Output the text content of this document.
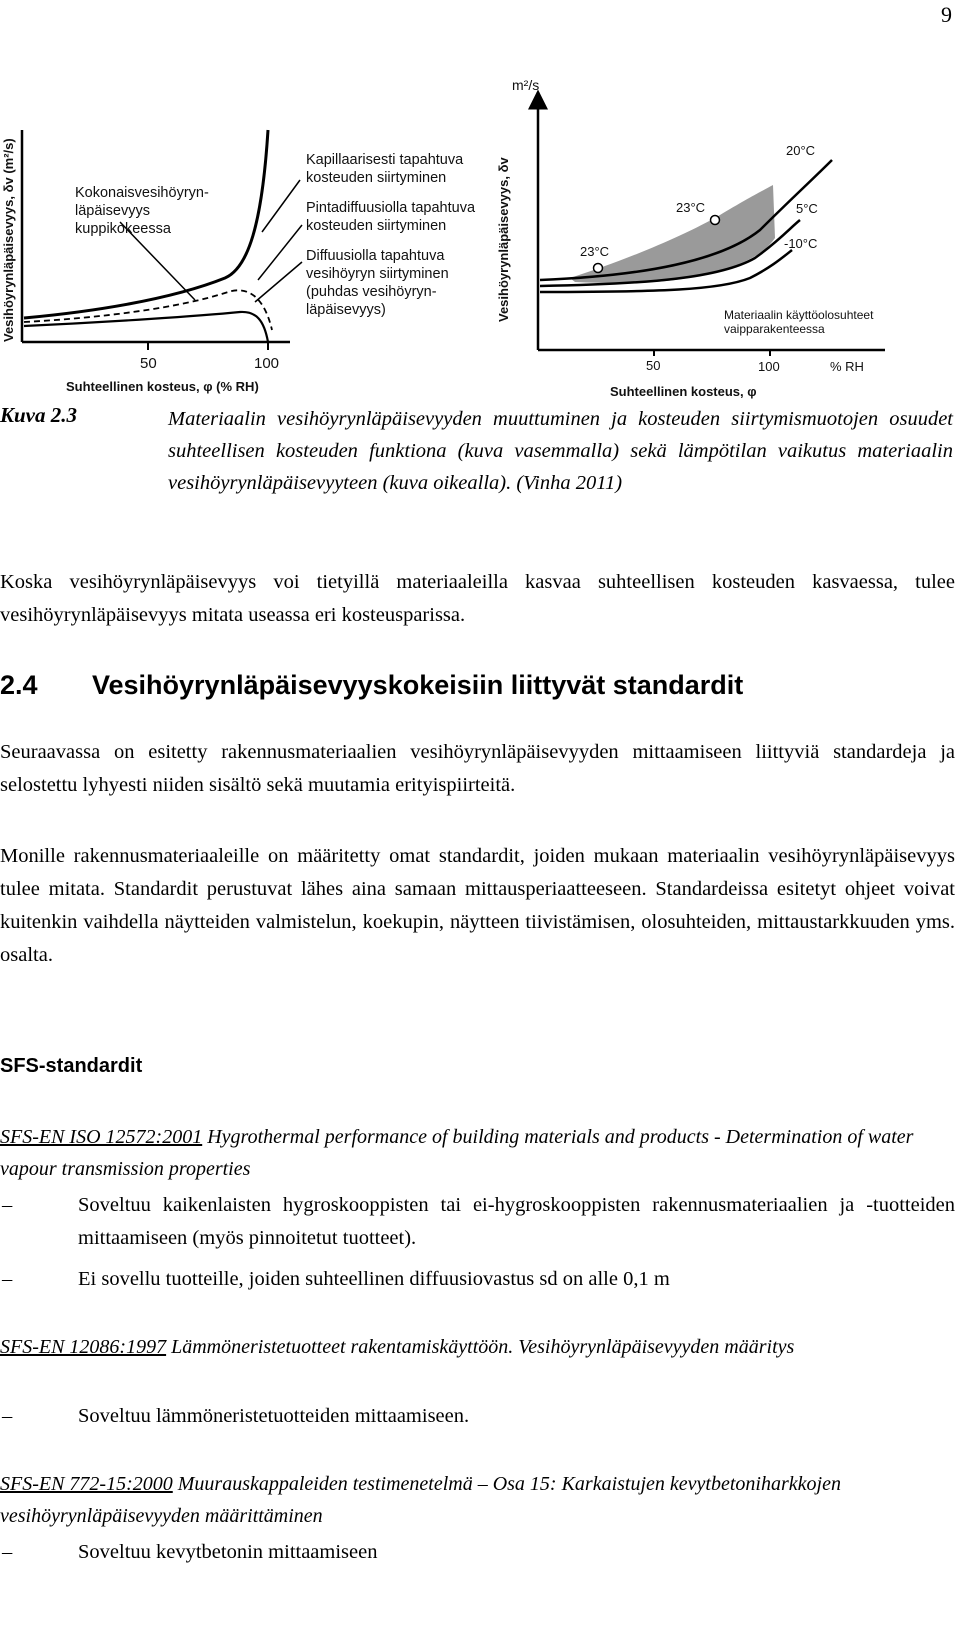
9
Vesihöyrynläpäisevyys, δv (m²/s)
50	100
Suhteellinen kosteus, φ (% RH)
Kokonaisvesihöyryn-
läpäisevyys
kuppikokeessa
Kapillaarisesti tapahtuva
kosteuden siirtyminen
Pintadiffuusiolla tapahtuva
kosteuden siirtyminen
Diffuusiolla tapahtuva
vesihöyryn siirtyminen
(puhdas vesihöyryn-
läpäisevyys)
m²/s
Vesihöyrynläpäisevyys, δv
50	100	% RH
Suhteellinen kosteus, φ
20°C
23°C
23°C
5°C
-10°C
Materiaalin käyttöolosuhteet
vaipparakenteessa
Kuva 2.3	Materiaalin vesihöyrynläpäisevyyden muuttuminen ja kosteuden siirtymismuotojen osuudet suhteellisen kosteuden funktiona (kuva vasemmalla) sekä lämpötilan vaikutus materiaalin vesihöyrynläpäisevyyteen (kuva oikealla). (Vinha 2011)
Koska vesihöyrynläpäisevyys voi tietyillä materiaaleilla kasvaa suhteellisen kosteuden kasvaessa, tulee vesihöyrynläpäisevyys mitata useassa eri kosteusparissa.
2.4 Vesihöyrynläpäisevyyskokeisiin liittyvät standardit
Seuraavassa on esitetty rakennusmateriaalien vesihöyrynläpäisevyyden mittaamiseen liittyviä standardeja ja selostettu lyhyesti niiden sisältö sekä muutamia erityispiirteitä.
Monille rakennusmateriaaleille on määritetty omat standardit, joiden mukaan materiaalin vesihöyrynläpäisevyys tulee mitata. Standardit perustuvat lähes aina samaan mittausperiaatteeseen. Standardeissa esitetyt ohjeet voivat kuitenkin vaihdella näytteiden valmistelun, koekupin, näytteen tiivistämisen, olosuhteiden, mittaustarkkuuden yms. osalta.
SFS-standardit
SFS-EN ISO 12572:2001 Hygrothermal performance of building materials and products - Determination of water vapour transmission properties
–	Soveltuu kaikenlaisten hygroskooppisten tai ei-hygroskooppisten rakennusmateriaalien ja -tuotteiden mittaamiseen (myös pinnoitetut tuotteet).
–	Ei sovellu tuotteille, joiden suhteellinen diffuusiovastus sd on alle 0,1 m
SFS-EN 12086:1997 Lämmöneristetuotteet rakentamiskäyttöön. Vesihöyrynläpäisevyyden määritys
–	Soveltuu lämmöneristetuotteiden mittaamiseen.
SFS-EN 772-15:2000 Muurauskappaleiden testimenetelmä – Osa 15: Karkaistujen kevytbetoniharkkojen vesihöyrynläpäisevyyden määrittäminen
–	Soveltuu kevytbetonin mittaamiseen
